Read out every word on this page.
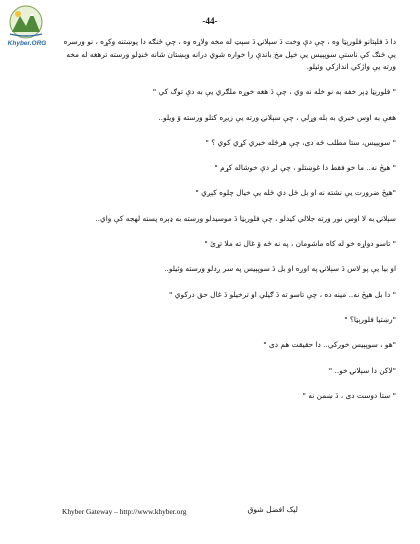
Khyber.ORG
-44-

دا دَ فلېتانو فلورېټا وه ، چې دې وخت دَ سېلانۍ دَ سېټ له مخه ولاړه وه ، چې ځنګه دا پوښتنه وکړه ، نو ورسره يې ځنګ کې ناستې سوپېيس يې خپل مخ باندې را خواره شوي درانه وېښتان شانه ځنډلو ورسته ترهغه له مخه ورته يې واژکي اندازکي وئيلو.

" فلورېټا ډېر خفه به نو خله نه وي ، چې دَ هغه خوړه ملګري يې به دې توګ کي "

هغې به اوس خبري به بله وړلي ، چې سېلانۍ ورته يې زيږه کتلو ورسته وَ ويلو..

" سوپېيس، ستا مطلب څه دی، چې هرڅله خبري کړي کوي ؟ "

" هيڅ نه.. ما خو فقط دا غوښتلو ، چې لږ دې خوشاله کړم "

"هيڅ ضرورت يې نشته نه او بل ځل دي ځله يې خيال چلوه کېږي "

سېلانۍ به لا اوس نور ورته جلالي کيدلو ، چې فلورېټا دَ موسيدلو ورسته به ډېره پسته لهجه کې واي..

" تاسو دواړه خو له کاه ماشومان ، په نه څه وَ غال ته ملا تړئ "

او بيا يې پو لاس دَ سېلانۍ په اوږه او بل دَ سوپېيس په سر ږدلو ورسته وئيلو..

" دا بل هيڅ نه.. مينه ده ، چې تاسو ته دَ ګيلي او ترخيلو دَ غال حق درکوي "

"رښتيا فلورېټا؟ "

"هو ، سوپېيس خوركي.. دا حقيقت هم دی "

"لاکن دا سېلانۍ خو.. "

" ستا دوست دی ، دَ ښمن نه "

Khyber Gateway – http://www.khyber.org	لیک افضل شوق
